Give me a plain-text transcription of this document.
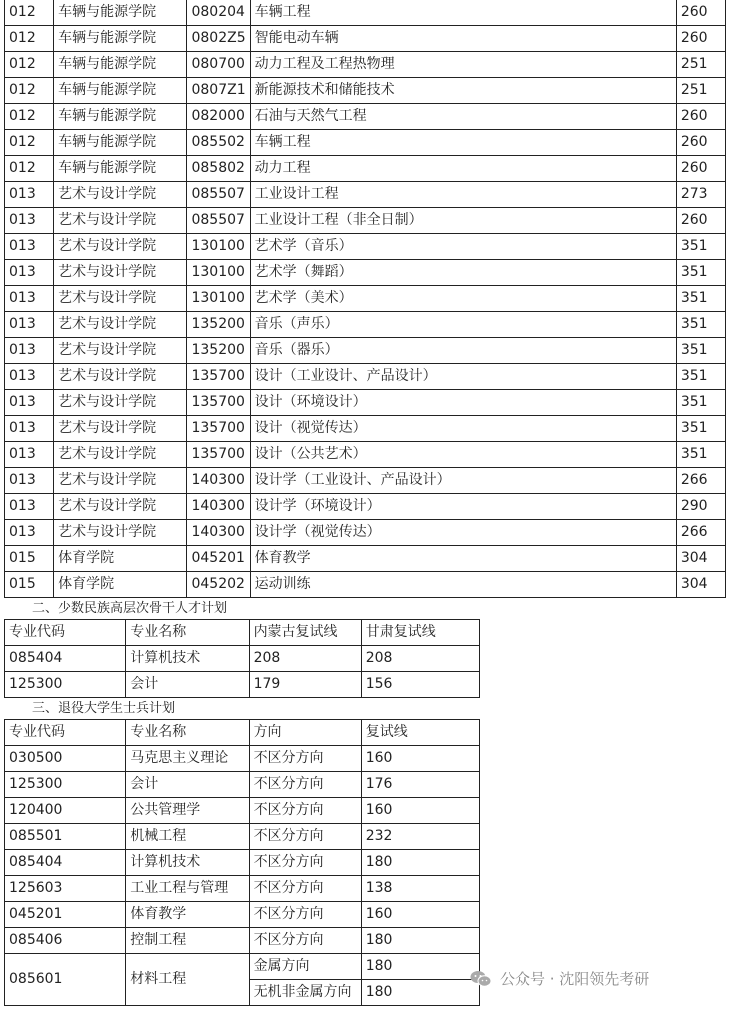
012	车辆与能源学院	080204	车辆工程	260
012	车辆与能源学院	0802Z5	智能电动车辆	260
012	车辆与能源学院	080700	动力工程及工程热物理	251
012	车辆与能源学院	0807Z1	新能源技术和储能技术	251
012	车辆与能源学院	082000	石油与天然气工程	260
012	车辆与能源学院	085502	车辆工程	260
012	车辆与能源学院	085802	动力工程	260
013	艺术与设计学院	085507	工业设计工程	273
013	艺术与设计学院	085507	工业设计工程（非全日制）	260
013	艺术与设计学院	130100	艺术学（音乐）	351
013	艺术与设计学院	130100	艺术学（舞蹈）	351
013	艺术与设计学院	130100	艺术学（美术）	351
013	艺术与设计学院	135200	音乐（声乐）	351
013	艺术与设计学院	135200	音乐（器乐）	351
013	艺术与设计学院	135700	设计（工业设计、产品设计）	351
013	艺术与设计学院	135700	设计（环境设计）	351
013	艺术与设计学院	135700	设计（视觉传达）	351
013	艺术与设计学院	135700	设计（公共艺术）	351
013	艺术与设计学院	140300	设计学（工业设计、产品设计）	266
013	艺术与设计学院	140300	设计学（环境设计）	290
013	艺术与设计学院	140300	设计学（视觉传达）	266
015	体育学院	045201	体育教学	304
015	体育学院	045202	运动训练	304
二、少数民族高层次骨干人才计划
专业代码	专业名称	内蒙古复试线	甘肃复试线
085404	计算机技术	208	208
125300	会计	179	156
三、退役大学生士兵计划
专业代码	专业名称	方向	复试线
030500	马克思主义理论	不区分方向	160
125300	会计	不区分方向	176
120400	公共管理学	不区分方向	160
085501	机械工程	不区分方向	232
085404	计算机技术	不区分方向	180
125603	工业工程与管理	不区分方向	138
045201	体育教学	不区分方向	160
085406	控制工程	不区分方向	180
085601	材料工程	金属方向	180
		无机非金属方向	180
公众号 · 沈阳领先考研
